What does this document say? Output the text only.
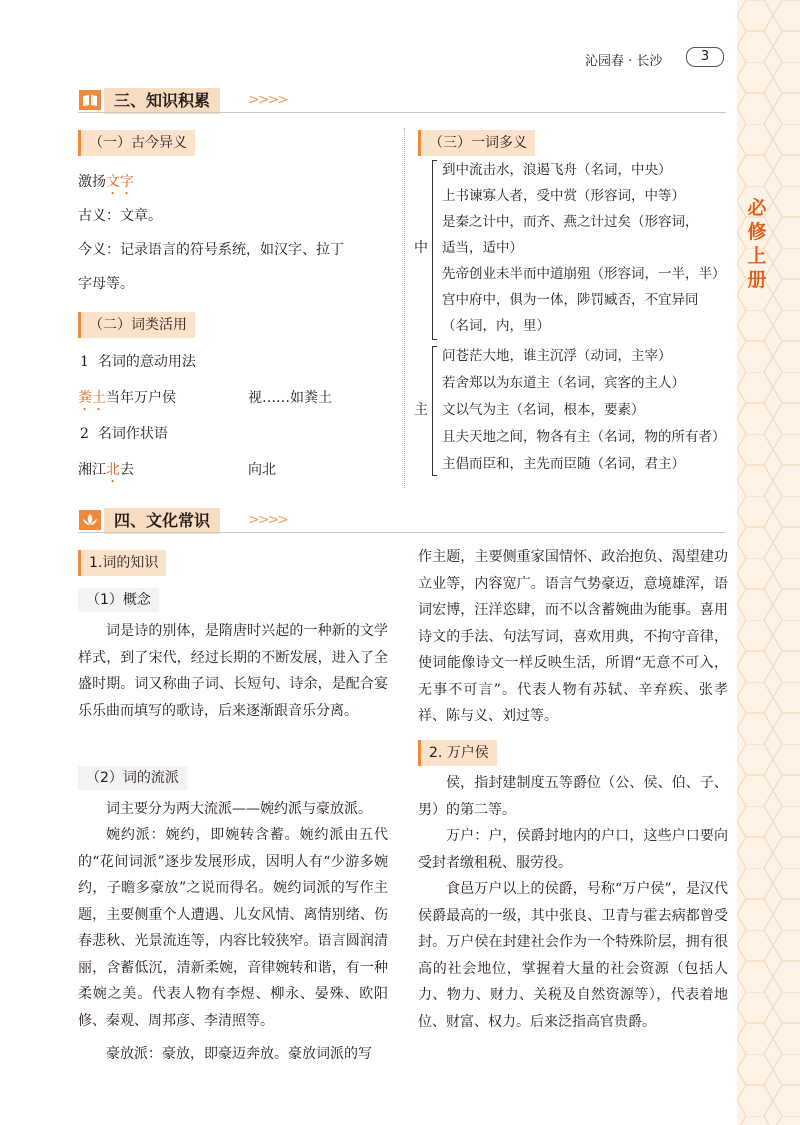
必
修
上
册
沁园春 · 长沙	3
三、知识积累	>>>>
（一）古今异义
激扬文字
古义：文章。
今义：记录语言的符号系统，如汉字、拉丁
字母等。
（二）词类活用
1 名词的意动用法
粪土当年万户侯	视……如粪土
2 名词作状语
湘江北去	向北
（三）一词多义
中
到中流击水，浪遏飞舟（名词，中央）
上书谏寡人者，受中赏（形容词，中等）
是秦之计中，而齐、燕之计过矣（形容词，
适当，适中）
先帝创业未半而中道崩殂（形容词，一半，半）
宫中府中，俱为一体，陟罚臧否，不宜异同
（名词，内，里）
主
问苍茫大地，谁主沉浮（动词，主宰）
若舍郑以为东道主（名词，宾客的主人）
文以气为主（名词，根本，要素）
且夫天地之间，物各有主（名词，物的所有者）
主倡而臣和，主先而臣随（名词，君主）
四、文化常识	>>>>
1.词的知识
（1）概念
词是诗的别体，是隋唐时兴起的一种新的文学样式，到了宋代，经过长期的不断发展，进入了全盛时期。词又称曲子词、长短句、诗余，是配合宴乐乐曲而填写的歌诗，后来逐渐跟音乐分离。
（2）词的流派
词主要分为两大流派——婉约派与豪放派。
婉约派：婉约，即婉转含蓄。婉约派由五代的“花间词派”逐步发展形成，因明人有“少游多婉约，子瞻多豪放”之说而得名。婉约词派的写作主题，主要侧重个人遭遇、儿女风情、离情别绪、伤春悲秋、光景流连等，内容比较狭窄。语言圆润清丽，含蓄低沉，清新柔婉，音律婉转和谐，有一种柔婉之美。代表人物有李煜、柳永、晏殊、欧阳修、秦观、周邦彦、李清照等。
豪放派：豪放，即豪迈奔放。豪放词派的写
作主题，主要侧重家国情怀、政治抱负、渴望建功立业等，内容宽广。语言气势豪迈，意境雄浑，语词宏博，汪洋恣肆，而不以含蓄婉曲为能事。喜用诗文的手法、句法写词，喜欢用典，不拘守音律，使词能像诗文一样反映生活，所谓“无意不可入，无事不可言”。代表人物有苏轼、辛弃疾、张孝祥、陈与义、刘过等。
2. 万户侯
侯，指封建制度五等爵位（公、侯、伯、子、男）的第二等。
万户：户，侯爵封地内的户口，这些户口要向受封者缴租税、服劳役。
食邑万户以上的侯爵，号称“万户侯”，是汉代侯爵最高的一级，其中张良、卫青与霍去病都曾受封。万户侯在封建社会作为一个特殊阶层，拥有很高的社会地位，掌握着大量的社会资源（包括人力、物力、财力、关税及自然资源等），代表着地位、财富、权力。后来泛指高官贵爵。
